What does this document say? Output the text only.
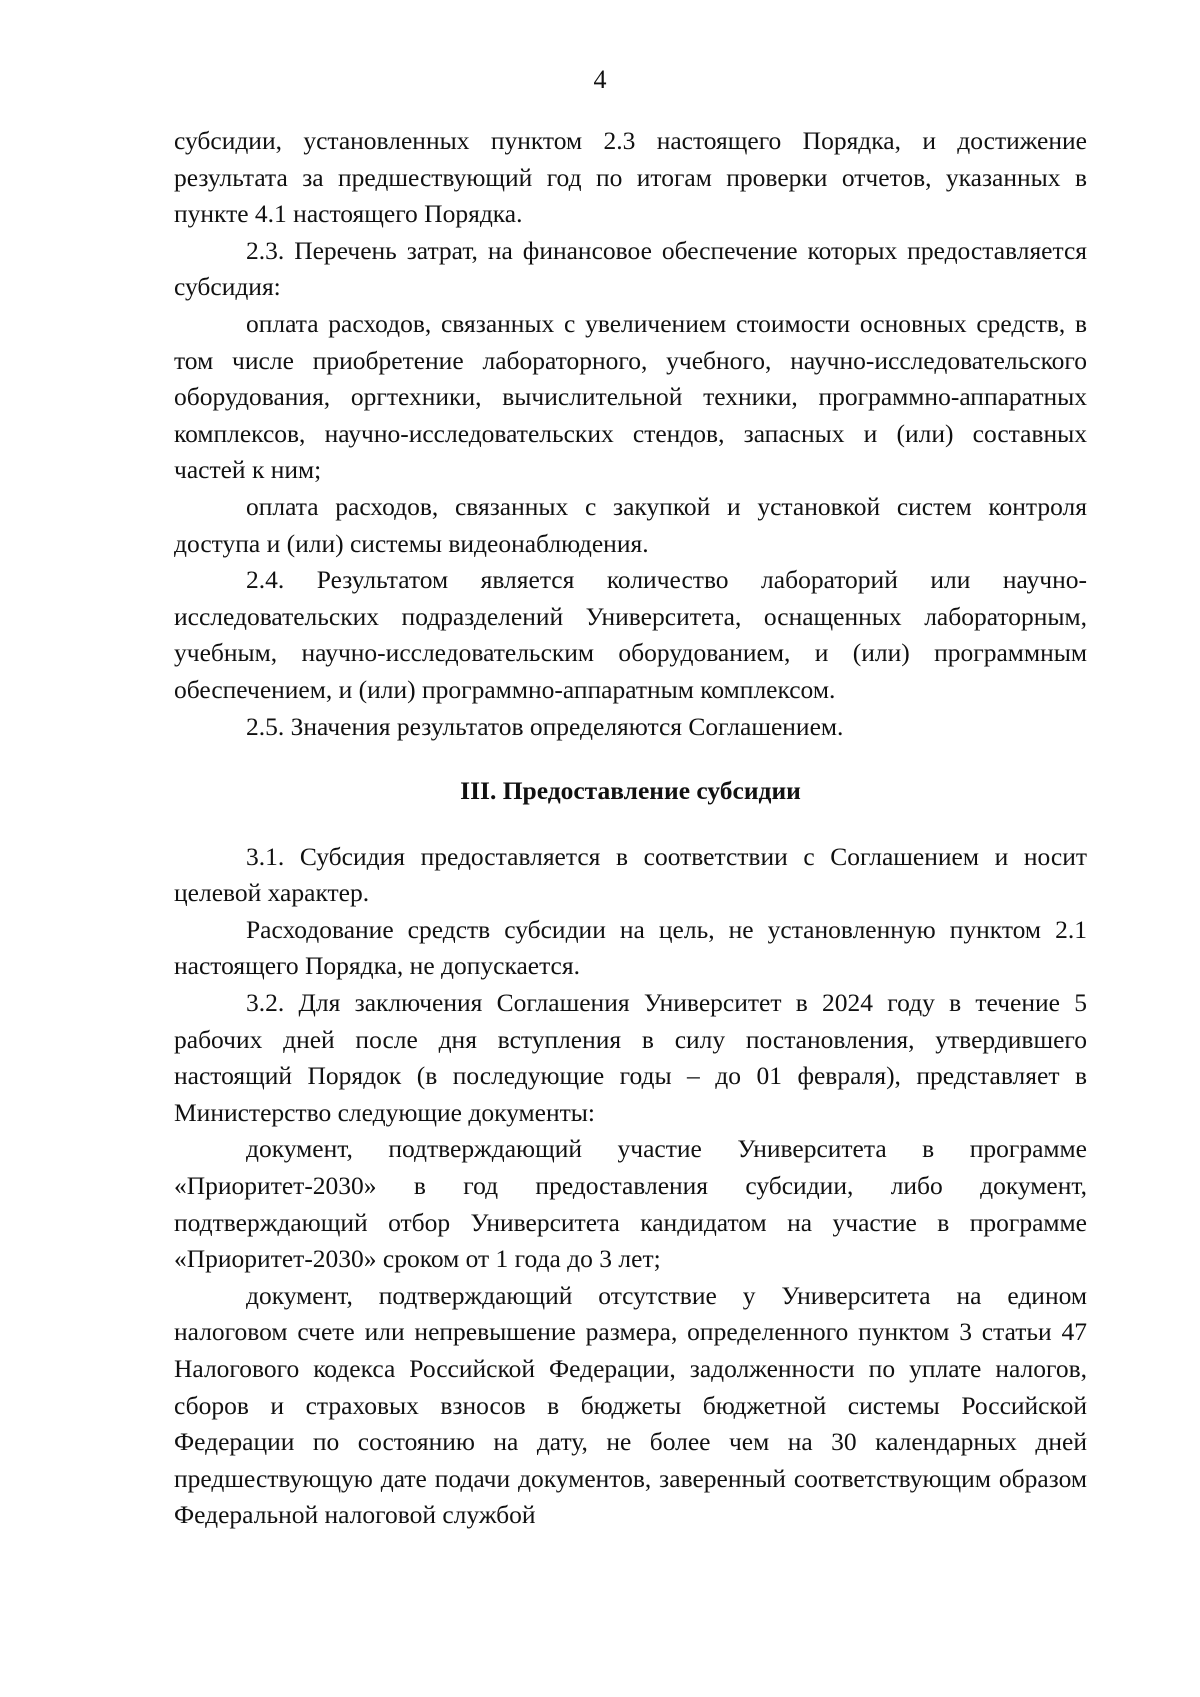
4

субсидии, установленных пунктом 2.3 настоящего Порядка, и достижение результата за предшествующий год по итогам проверки отчетов, указанных в пункте 4.1 настоящего Порядка.

2.3. Перечень затрат, на финансовое обеспечение которых предоставляется субсидия:

оплата расходов, связанных с увеличением стоимости основных средств, в том числе приобретение лабораторного, учебного, научно-исследовательского оборудования, оргтехники, вычислительной техники, программно-аппаратных комплексов, научно-исследовательских стендов, запасных и (или) составных частей к ним;

оплата расходов, связанных с закупкой и установкой систем контроля доступа и (или) системы видеонаблюдения.

2.4. Результатом является количество лабораторий или научно-исследовательских подразделений Университета, оснащенных лабораторным, учебным, научно-исследовательским оборудованием, и (или) программным обеспечением, и (или) программно-аппаратным комплексом.

2.5. Значения результатов определяются Соглашением.

III. Предоставление субсидии

3.1. Субсидия предоставляется в соответствии с Соглашением и носит целевой характер.

Расходование средств субсидии на цель, не установленную пунктом 2.1 настоящего Порядка, не допускается.

3.2. Для заключения Соглашения Университет в 2024 году в течение 5 рабочих дней после дня вступления в силу постановления, утвердившего настоящий Порядок (в последующие годы – до 01 февраля), представляет в Министерство следующие документы:

документ, подтверждающий участие Университета в программе «Приоритет-2030» в год предоставления субсидии, либо документ, подтверждающий отбор Университета кандидатом на участие в программе «Приоритет-2030» сроком от 1 года до 3 лет;

документ, подтверждающий отсутствие у Университета на едином налоговом счете или непревышение размера, определенного пунктом 3 статьи 47 Налогового кодекса Российской Федерации, задолженности по уплате налогов, сборов и страховых взносов в бюджеты бюджетной системы Российской Федерации по состоянию на дату, не более чем на 30 календарных дней предшествующую дате подачи документов, заверенный соответствующим образом Федеральной налоговой службой
